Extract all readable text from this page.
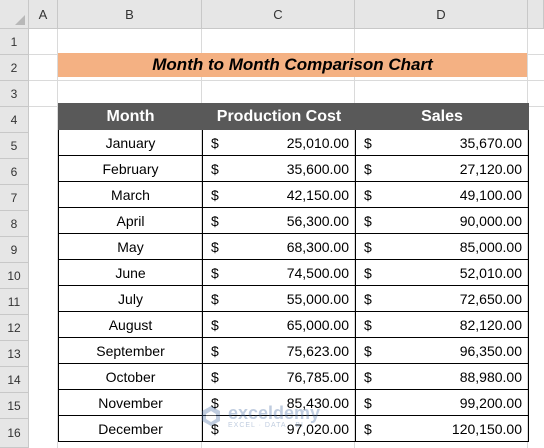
A	B	C	D
1
2
3
4
5
6
7
8
9
10
11
12
13
14
15
16
Month to Month Comparison Chart
Month	Production Cost	Sales
January	$ 25,010.00	$ 35,670.00

February	$ 35,600.00	$ 27,120.00

March	$ 42,150.00	$ 49,100.00

April	$ 56,300.00	$ 90,000.00

May	$ 68,300.00	$ 85,000.00

June	$ 74,500.00	$ 52,010.00

July	$ 55,000.00	$ 72,650.00

August	$ 65,000.00	$ 82,120.00

September	$ 75,623.00	$ 96,350.00

October	$ 76,785.00	$ 88,980.00

November	$ 85,430.00	$ 99,200.00

December	$ 97,020.00	$ 120,150.00
exceldemy
EXCEL · DATA · BI
